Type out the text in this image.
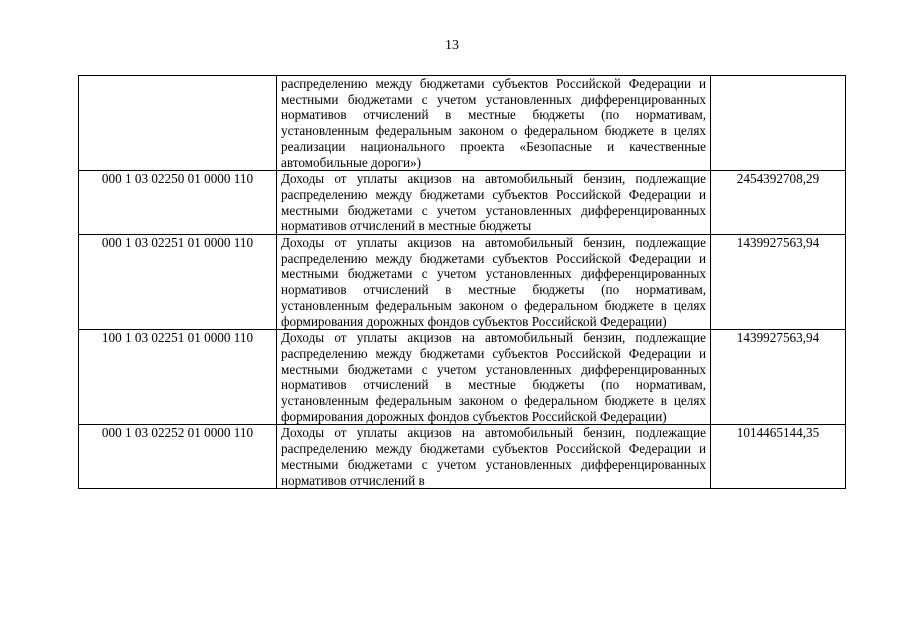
13
	распределению между бюджетами субъектов Российской Федерации и местными бюджетами с учетом установленных дифференцированных нормативов отчислений в местные бюджеты (по нормативам, установленным федеральным законом о федеральном бюджете в целях реализации национального проекта «Безопасные и качественные автомобильные дороги»)	
000 1 03 02250 01 0000 110	Доходы от уплаты акцизов на автомобильный бензин, подлежащие распределению между бюджетами субъектов Российской Федерации и местными бюджетами с учетом установленных дифференцированных нормативов отчислений в местные бюджеты	2454392708,29
000 1 03 02251 01 0000 110	Доходы от уплаты акцизов на автомобильный бензин, подлежащие распределению между бюджетами субъектов Российской Федерации и местными бюджетами с учетом установленных дифференцированных нормативов отчислений в местные бюджеты (по нормативам, установленным федеральным законом о федеральном бюджете в целях формирования дорожных фондов субъектов Российской Федерации)	1439927563,94
100 1 03 02251 01 0000 110	Доходы от уплаты акцизов на автомобильный бензин, подлежащие распределению между бюджетами субъектов Российской Федерации и местными бюджетами с учетом установленных дифференцированных нормативов отчислений в местные бюджеты (по нормативам, установленным федеральным законом о федеральном бюджете в целях формирования дорожных фондов субъектов Российской Федерации)	1439927563,94
000 1 03 02252 01 0000 110	Доходы от уплаты акцизов на автомобильный бензин, подлежащие распределению между бюджетами субъектов Российской Федерации и местными бюджетами с учетом установленных дифференцированных нормативов отчислений в	1014465144,35
